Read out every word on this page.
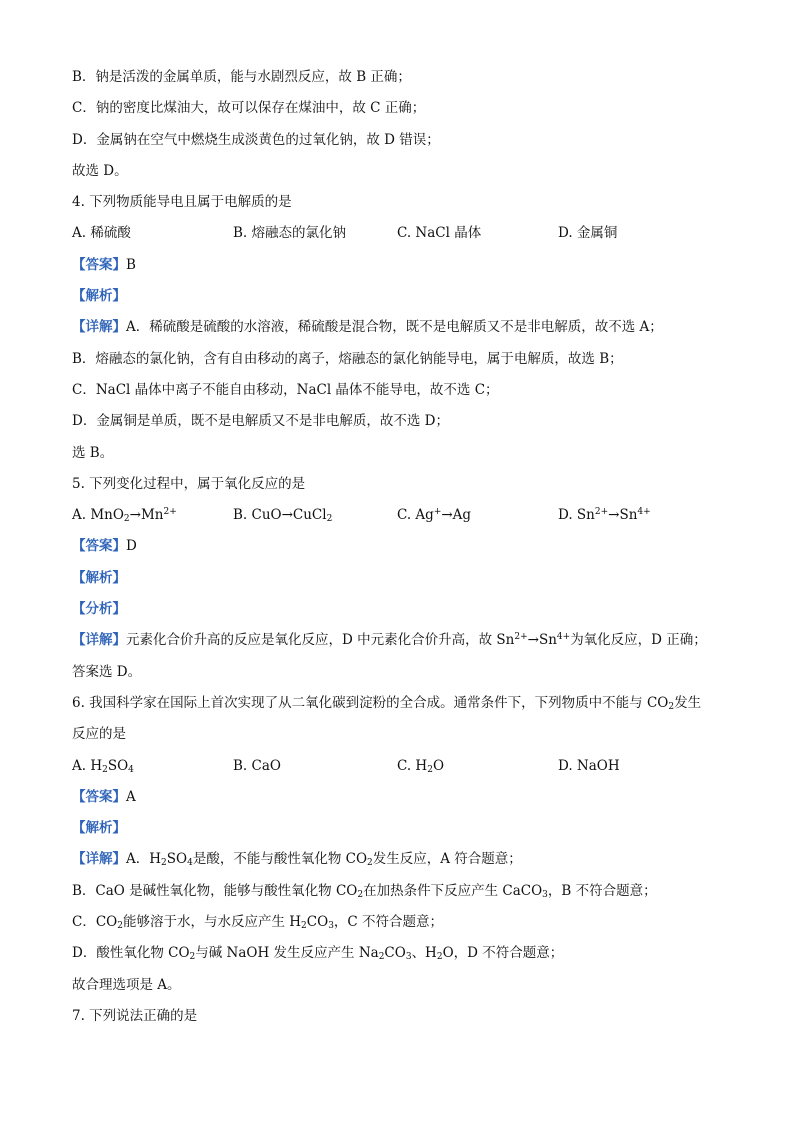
B．钠是活泼的金属单质，能与水剧烈反应，故 B 正确；
C．钠的密度比煤油大，故可以保存在煤油中，故 C 正确；
D．金属钠在空气中燃烧生成淡黄色的过氧化钠，故 D 错误；
故选 D。
4. 下列物质能导电且属于电解质的是
A. 稀硫酸	B. 熔融态的氯化钠	C. NaCl 晶体	D. 金属铜
【答案】B
【解析】
【详解】A．稀硫酸是硫酸的水溶液，稀硫酸是混合物，既不是电解质又不是非电解质，故不选 A；
B．熔融态的氯化钠，含有自由移动的离子，熔融态的氯化钠能导电，属于电解质，故选 B；
C．NaCl 晶体中离子不能自由移动，NaCl 晶体不能导电，故不选 C；
D．金属铜是单质，既不是电解质又不是非电解质，故不选 D；
选 B。
5. 下列变化过程中，属于氧化反应的是
A. $MnO_2\to Mn^{2+}$	B. CuO→CuCl$_2$	C. Ag+→Ag	D. $Sn^{2+}\to Sn^{4+}$
【答案】D
【解析】
【分析】
【详解】元素化合价升高的反应是氧化反应，D 中元素化合价升高，故 $Sn^{2+}\to Sn^{4+}$为氧化反应，D 正确；
答案选 D。
6. 我国科学家在国际上首次实现了从二氧化碳到淀粉的全合成。通常条件下，下列物质中不能与 $CO_2$发生
反应的是
A. $H_2SO_4$	B. CaO	C. $H_2O$	D. NaOH
【答案】A
【解析】
【详解】A．$H_2SO_4$是酸，不能与酸性氧化物 $CO_2$发生反应，A 符合题意；
B．CaO 是碱性氧化物，能够与酸性氧化物 $CO_2$在加热条件下反应产生 CaCO$_3$，B 不符合题意；
C．$CO_2$能够溶于水，与水反应产生 $H_2CO_3$，C 不符合题意；
D．酸性氧化物 $CO_2$与碱 NaOH 发生反应产生 $Na_2CO_3$、$H_2O$，D 不符合题意；
故合理选项是 A。
7. 下列说法正确的是
